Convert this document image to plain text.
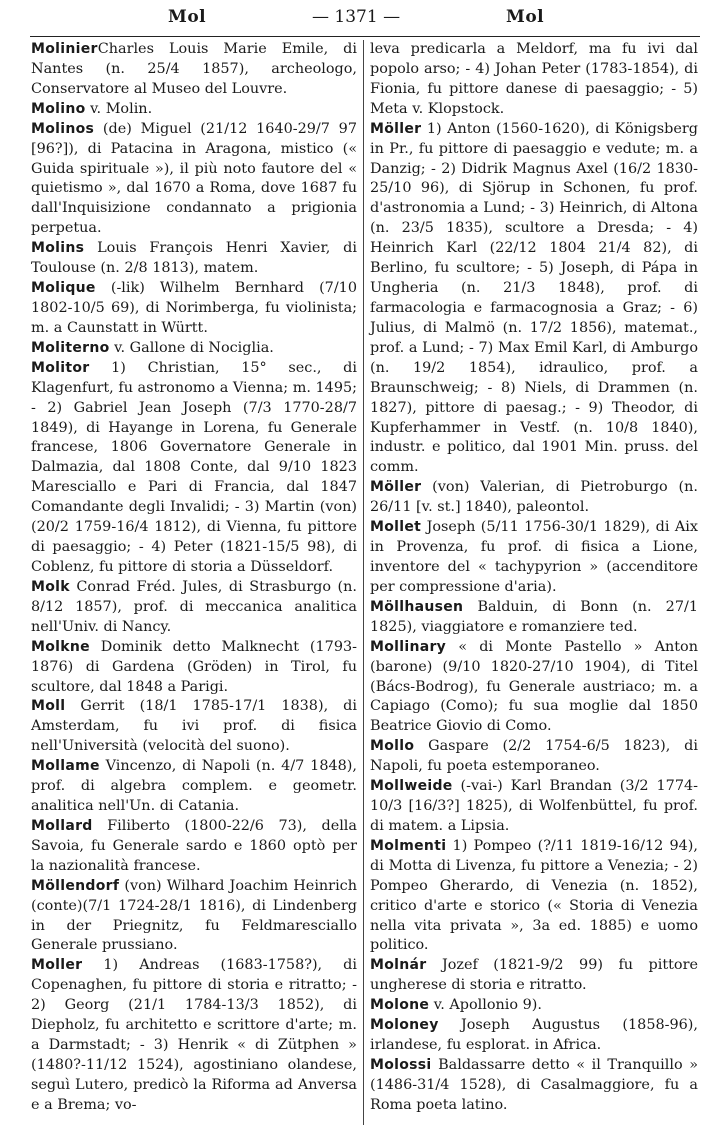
Mol	— 1371 —	Mol

MolinierCharles Louis Marie Emile, di Nantes (n. 25/4 1857), archeologo, Conservatore al Museo del Louvre.

Molino v. Molin.

Molinos (de) Miguel (21/12 1640-29/7 97 [96?]), di Patacina in Aragona, mistico (« Guida spirituale »), il più noto fautore del « quietismo », dal 1670 a Roma, dove 1687 fu dall'Inquisizione condannato a prigionia perpetua.

Molins Louis François Henri Xavier, di Toulouse (n. 2/8 1813), matem.

Molique (-lik) Wilhelm Bernhard (7/10 1802-10/5 69), di Norimberga, fu violinista; m. a Caunstatt in Württ.

Moliterno v. Gallone di Nociglia.

Molitor 1) Christian, 15° sec., di Klagenfurt, fu astronomo a Vienna; m. 1495; - 2) Gabriel Jean Joseph (7/3 1770-28/7 1849), di Hayange in Lorena, fu Generale francese, 1806 Governatore Generale in Dalmazia, dal 1808 Conte, dal 9/10 1823 Maresciallo e Pari di Francia, dal 1847 Comandante degli Invalidi; - 3) Martin (von) (20/2 1759-16/4 1812), di Vienna, fu pittore di paesaggio; - 4) Peter (1821-15/5 98), di Coblenz, fu pittore di storia a Düsseldorf.

Molk Conrad Fréd. Jules, di Strasburgo (n. 8/12 1857), prof. di meccanica analitica nell'Univ. di Nancy.

Molkne Dominik detto Malknecht (1793-1876) di Gardena (Gröden) in Tirol, fu scultore, dal 1848 a Parigi.

Moll Gerrit (18/1 1785-17/1 1838), di Amsterdam, fu ivi prof. di fisica nell'Università (velocità del suono).

Mollame Vincenzo, di Napoli (n. 4/7 1848), prof. di algebra complem. e geometr. analitica nell'Un. di Catania.

Mollard Filiberto (1800-22/6 73), della Savoia, fu Generale sardo e 1860 optò per la nazionalità francese.

Möllendorf (von) Wilhard Joachim Heinrich (conte)(7/1 1724-28/1 1816), di Lindenberg in der Priegnitz, fu Feldmaresciallo Generale prussiano.

Moller 1) Andreas (1683-1758?), di Copenaghen, fu pittore di storia e ritratto; - 2) Georg (21/1 1784-13/3 1852), di Diepholz, fu architetto e scrittore d'arte; m. a Darmstadt; - 3) Henrik « di Zütphen » (1480?-11/12 1524), agostiniano olandese, seguì Lutero, predicò la Riforma ad Anversa e a Brema; vo-

leva predicarla a Meldorf, ma fu ivi dal popolo arso; - 4) Johan Peter (1783-1854), di Fionia, fu pittore danese di paesaggio; - 5) Meta v. Klopstock.

Möller 1) Anton (1560-1620), di Königsberg in Pr., fu pittore di paesaggio e vedute; m. a Danzig; - 2) Didrik Magnus Axel (16/2 1830-25/10 96), di Sjörup in Schonen, fu prof. d'astronomia a Lund; - 3) Heinrich, di Altona (n. 23/5 1835), scultore a Dresda; - 4) Heinrich Karl (22/12 1804 21/4 82), di Berlino, fu scultore; - 5) Joseph, di Pápa in Ungheria (n. 21/3 1848), prof. di farmacologia e farmacognosia a Graz; - 6) Julius, di Malmö (n. 17/2 1856), matemat., prof. a Lund; - 7) Max Emil Karl, di Amburgo (n. 19/2 1854), idraulico, prof. a Braunschweig; - 8) Niels, di Drammen (n. 1827), pittore di paesag.; - 9) Theodor, di Kupferhammer in Vestf. (n. 10/8 1840), industr. e politico, dal 1901 Min. pruss. del comm.

Möller (von) Valerian, di Pietroburgo (n. 26/11 [v. st.] 1840), paleontol.

Mollet Joseph (5/11 1756-30/1 1829), di Aix in Provenza, fu prof. di fisica a Lione, inventore del « tachypyrion » (accenditore per compressione d'aria).

Möllhausen Balduin, di Bonn (n. 27/1 1825), viaggiatore e romanziere ted.

Mollinary « di Monte Pastello » Anton (barone) (9/10 1820-27/10 1904), di Titel (Bács-Bodrog), fu Generale austriaco; m. a Capiago (Como); fu sua moglie dal 1850 Beatrice Giovio di Como.

Mollo Gaspare (2/2 1754-6/5 1823), di Napoli, fu poeta estemporaneo.

Mollweide (-vai-) Karl Brandan (3/2 1774-10/3 [16/3?] 1825), di Wolfenbüttel, fu prof. di matem. a Lipsia.

Molmenti 1) Pompeo (?/11 1819-16/12 94), di Motta di Livenza, fu pittore a Venezia; - 2) Pompeo Gherardo, di Venezia (n. 1852), critico d'arte e storico (« Storia di Venezia nella vita privata », 3a ed. 1885) e uomo politico.

Molnár Jozef (1821-9/2 99) fu pittore ungherese di storia e ritratto.

Molone v. Apollonio 9).

Moloney Joseph Augustus (1858-96), irlandese, fu esplorat. in Africa.

Molossi Baldassarre detto « il Tranquillo » (1486-31/4 1528), di Casalmaggiore, fu a Roma poeta latino.
